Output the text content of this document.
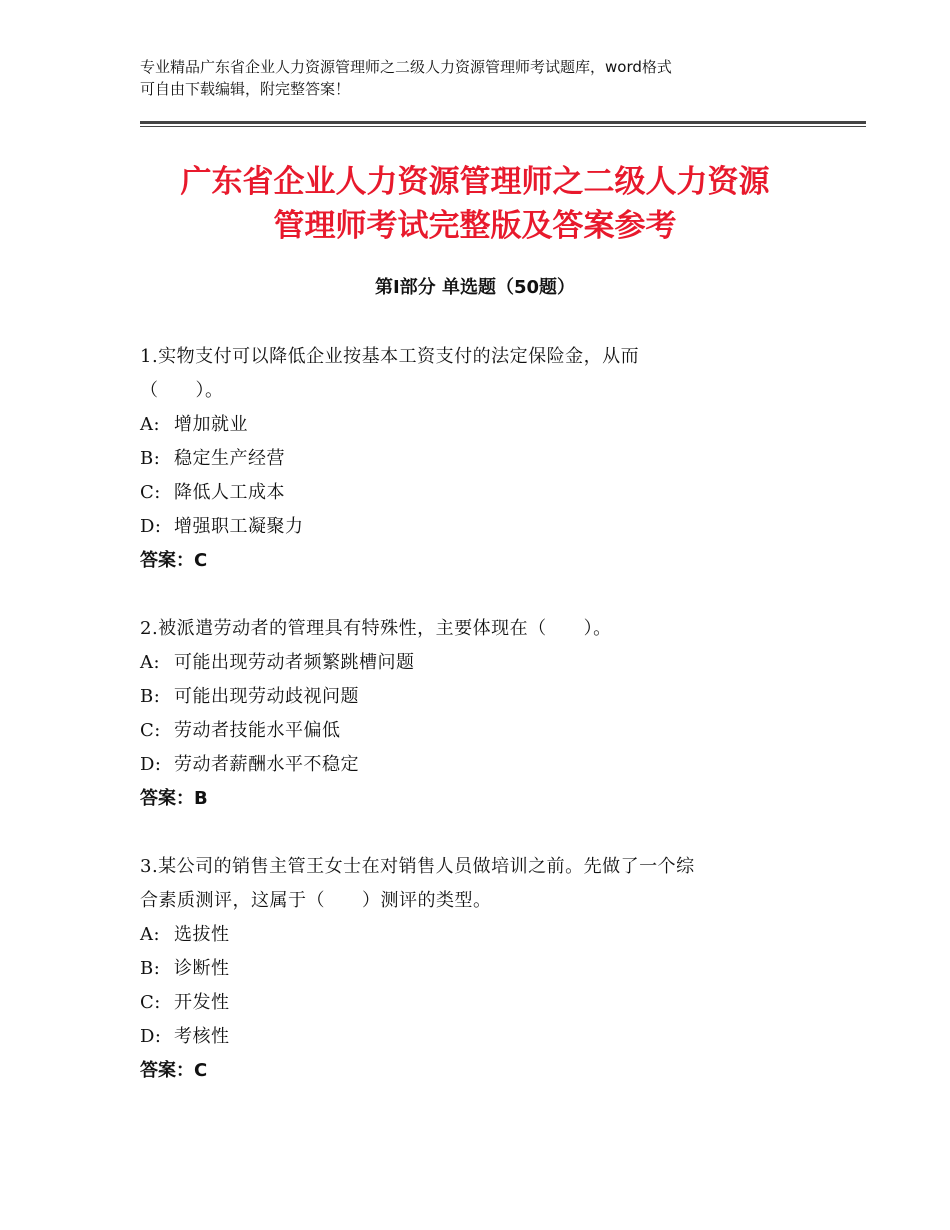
专业精品广东省企业人力资源管理师之二级人力资源管理师考试题库，word格式
可自由下载编辑，附完整答案！
广东省企业人力资源管理师之二级人力资源
管理师考试完整版及答案参考
第Ⅰ部分 单选题（50题）
1.实物支付可以降低企业按基本工资支付的法定保险金，从而
（　　）。
A: 增加就业
B: 稳定生产经营
C: 降低人工成本
D: 增强职工凝聚力
答案：C
2.被派遣劳动者的管理具有特殊性，主要体现在（　　）。
A: 可能出现劳动者频繁跳槽问题
B: 可能出现劳动歧视问题
C: 劳动者技能水平偏低
D: 劳动者薪酬水平不稳定
答案：B
3.某公司的销售主管王女士在对销售人员做培训之前。先做了一个综
合素质测评，这属于（　　）测评的类型。
A: 选拔性
B: 诊断性
C: 开发性
D: 考核性
答案：C
